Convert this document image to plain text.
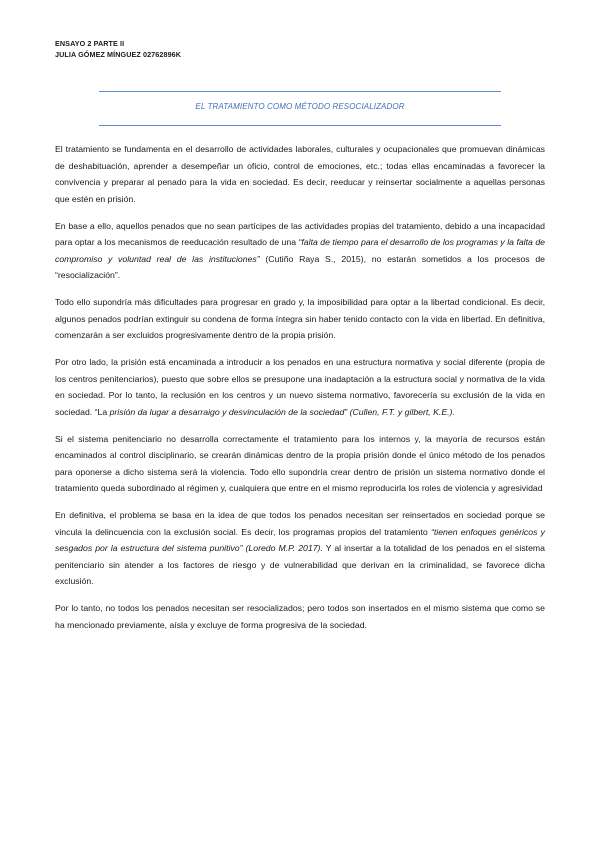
ENSAYO 2 PARTE II
JULIA GÓMEZ MÍNGUEZ 02762896K
EL TRATAMIENTO COMO MÉTODO RESOCIALIZADOR

El tratamiento se fundamenta en el desarrollo de actividades laborales, culturales y ocupacionales que promuevan dinámicas de deshabituación, aprender a desempeñar un oficio, control de emociones, etc.; todas ellas encaminadas a favorecer la convivencia y preparar al penado para la vida en sociedad. Es decir, reeducar y reinsertar socialmente a aquellas personas que estén en prisión.

En base a ello, aquellos penados que no sean partícipes de las actividades propias del tratamiento, debido a una incapacidad para optar a los mecanismos de reeducación resultado de una “falta de tiempo para el desarrollo de los programas y la falta de compromiso y voluntad real de las instituciones” (Cutiño Raya S., 2015), no estarán sometidos a los procesos de “resocialización”.

Todo ello supondría más dificultades para progresar en grado y, la imposibilidad para optar a la libertad condicional. Es decir, algunos penados podrían extinguir su condena de forma íntegra sin haber tenido contacto con la vida en libertad. En definitiva, comenzarán a ser excluidos progresivamente dentro de la propia prisión.

Por otro lado, la prisión está encaminada a introducir a los penados en una estructura normativa y social diferente (propia de los centros penitenciarios), puesto que sobre ellos se presupone una inadaptación a la estructura social y normativa de la vida en sociedad. Por lo tanto, la reclusión en los centros y un nuevo sistema normativo, favorecería su exclusión de la vida en sociedad. “La prisión da lugar a desarraigo y desvinculación de la sociedad” (Cullen, F.T. y gilbert, K.E.).

Si el sistema penitenciario no desarrolla correctamente el tratamiento para los internos y, la mayoría de recursos están encaminados al control disciplinario, se crearán dinámicas dentro de la propia prisión donde el único método de los penados para oponerse a dicho sistema será la violencia. Todo ello supondría crear dentro de prisión un sistema normativo donde el tratamiento queda subordinado al régimen y, cualquiera que entre en el mismo reproducirla los roles de violencia y agresividad

En definitiva, el problema se basa en la idea de que todos los penados necesitan ser reinsertados en sociedad porque se vincula la delincuencia con la exclusión social. Es decir, los programas propios del tratamiento “tienen enfoques genéricos y sesgados por la estructura del sistema punitivo” (Loredo M.P. 2017). Y al insertar a la totalidad de los penados en el sistema penitenciario sin atender a los factores de riesgo y de vulnerabilidad que derivan en la criminalidad, se favorece dicha exclusión.

Por lo tanto, no todos los penados necesitan ser resocializados; pero todos son insertados en el mismo sistema que como se ha mencionado previamente, aísla y excluye de forma progresiva de la sociedad.
